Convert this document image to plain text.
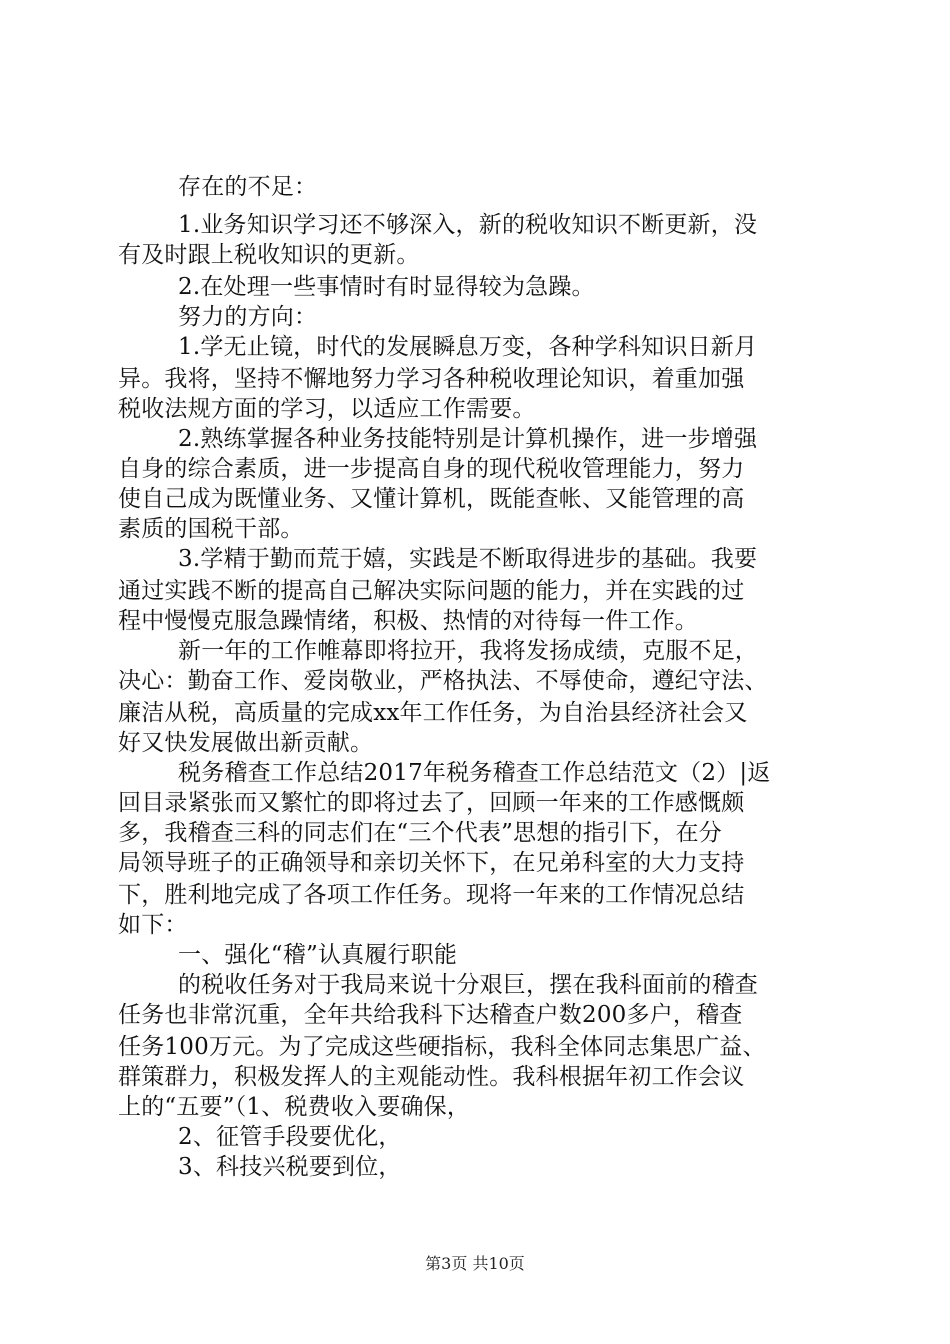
存在的不足：
1.业务知识学习还不够深入，新的税收知识不断更新，没
有及时跟上税收知识的更新。
2.在处理一些事情时有时显得较为急躁。
努力的方向：
1.学无止镜，时代的发展瞬息万变，各种学科知识日新月
异。我将，坚持不懈地努力学习各种税收理论知识，着重加强
税收法规方面的学习，以适应工作需要。
2.熟练掌握各种业务技能特别是计算机操作，进一步增强
自身的综合素质，进一步提高自身的现代税收管理能力，努力
使自己成为既懂业务、又懂计算机，既能查帐、又能管理的高
素质的国税干部。
3.学精于勤而荒于嬉，实践是不断取得进步的基础。我要
通过实践不断的提高自己解决实际问题的能力，并在实践的过
程中慢慢克服急躁情绪，积极、热情的对待每一件工作。
新一年的工作帷幕即将拉开，我将发扬成绩，克服不足，
决心：勤奋工作、爱岗敬业，严格执法、不辱使命，遵纪守法、
廉洁从税，高质量的完成xx年工作任务，为自治县经济社会又
好又快发展做出新贡献。
税务稽查工作总结2017年税务稽查工作总结范文（2）|返
回目录紧张而又繁忙的即将过去了，回顾一年来的工作感慨颇
多，我稽查三科的同志们在“三个代表”思想的指引下，在分
局领导班子的正确领导和亲切关怀下，在兄弟科室的大力支持
下，胜利地完成了各项工作任务。现将一年来的工作情况总结
如下：
一、强化“稽”认真履行职能
的税收任务对于我局来说十分艰巨，摆在我科面前的稽查
任务也非常沉重，全年共给我科下达稽查户数200多户，稽查
任务100万元。为了完成这些硬指标，我科全体同志集思广益、
群策群力，积极发挥人的主观能动性。我科根据年初工作会议
上的“五要”（1、税费收入要确保，
2、征管手段要优化，
3、科技兴税要到位，
第3页 共10页
